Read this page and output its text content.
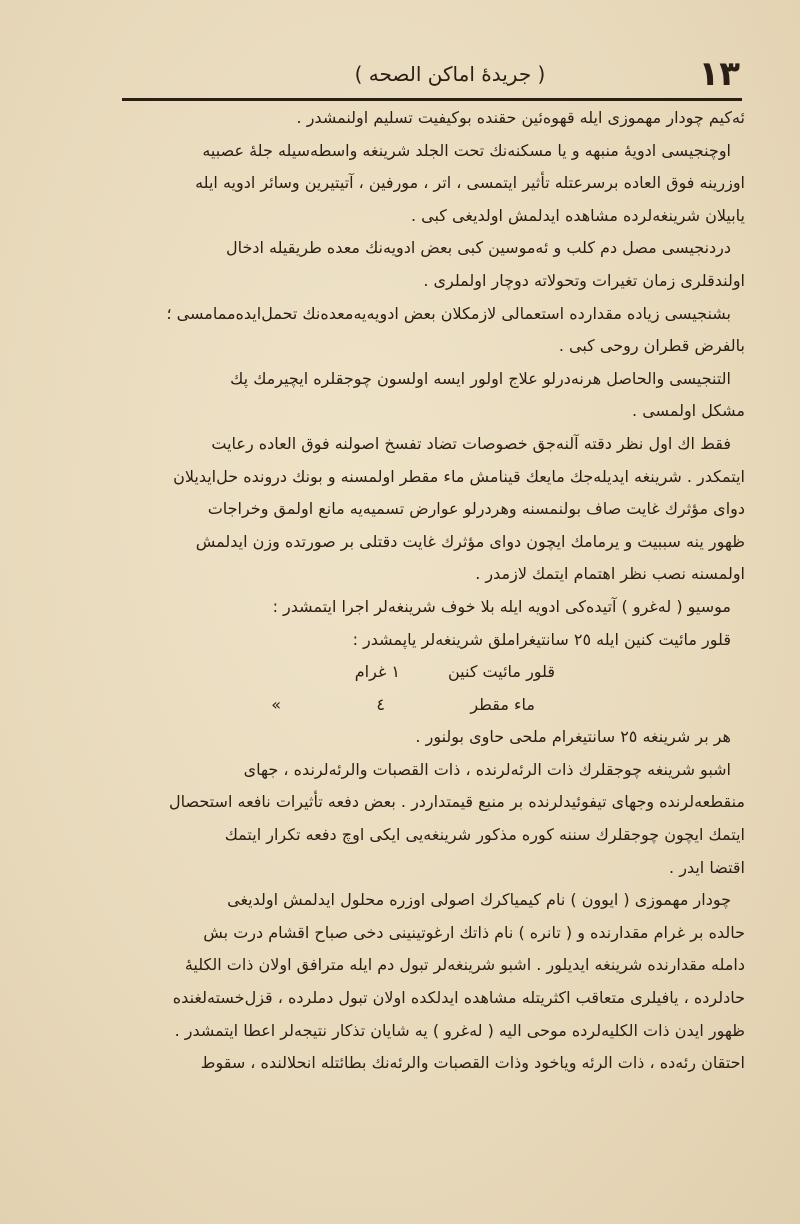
١٣
( جريدهٔ اماكن الصحه )
ئه‌كيم چودار مهموزى ايله قهوه‌ئين حقنده بوكيفيت تسليم اولنمشدر .
اوچنجيسى ادويهٔ منبهه و يا مسكنه‌نك تحت الجلد شرينغه واسطه‌سيله جلهٔ عصبيه
اوزرينه فوق العاده برسرعتله تأثير ايتمسى ، اتر ، مورفين ، آتيتيرين وسائر ادويه ايله
يابيلان شرينغه‌لرده مشاهده ايدلمش اولديغى كبى .
دردنجيسى مصل دم كلب و ئه‌موسين كبى بعض ادويه‌نك معده طريقيله ادخال
اولندقلرى زمان تغيرات وتحولاته دوچار اولملرى .
بشنجيسى زياده مقدارده استعمالى لازمكلان بعض ادويه‌يه‌معده‌نك تحمل‌ايده‌ممامسى ؛
بالفرض قطران روحى كبى .
التنجيسى والحاصل هرنه‌درلو علاج اولور ايسه اولسون چوجقلره ايچيرمك پك
مشكل اولمسى .
فقط اك اول نظر دقته آلنه‌جق خصوصات تضاد تفسخ اصولنه فوق العاده رعايت
ايتمكدر . شرينغه ايديله‌جك مايعك قينامش ماء مقطر اولمسنه و بونك درونده حل‌ايديلان
دواى مؤثرك غايت صاف بولنمسنه وهردرلو عوارض تسميه‌يه مانع اولمق وخراجات
ظهور ينه سببيت و يرمامك ايچون دواى مؤثرك غايت دقتلى بر صورتده وزن ايدلمش
اولمسنه نصب نظر اهتمام ايتمك لازمدر .
موسيو ( له‌غرو ) آتيده‌كى ادويه ايله بلا خوف شرينغه‌لر اجرا ايتمشدر :
قلور مائيت كنين ايله ٢٥ سانتيغراملق شرينغه‌لر ياپمشدر :
قلور مائيت كنين
١ غرام
ماء مقطر
٤
»
هر بر شرينغه ٢٥ سانتيغرام ملحى حاوى بولنور .
اشبو شرينغه چوجقلرك ذات الرئه‌لرنده ، ذات القصبات والرئه‌لرنده ، جهاى
منقطعه‌لرنده وجهاى تيفوئيدلرنده بر منبع قيمتداردر . بعض دفعه تأثيرات نافعه استحصال
ايتمك ايچون چوجقلرك سننه كوره مذكور شرينغه‌يى ايكى اوچ دفعه تكرار ايتمك
اقتضا ايدر .
چودار مهموزى ( ايوون ) نام كيمياكرك اصولى اوزره محلول ايدلمش اولديغى
حالده بر غرام مقدارنده و ( تانره ) نام ذاتك ارغوتينينى دخى صباح اقشام درت بش
دامله مقدارنده شرينغه ايديلور . اشبو شرينغه‌لر تبول دم ايله مترافق اولان ذات الكليهٔ
حادلرده ، يافيلرى متعاقب اكثريتله مشاهده ايدلكده اولان تبول دملرده ، قزل‌خسته‌لغنده
ظهور ايدن ذات الكليه‌لرده موحى اليه ( له‌غرو ) يه شايان تذكار نتيجه‌لر اعطا ايتمشدر .
احتقان رئه‌ده ، ذات الرئه وياخود وذات القصبات والرئه‌نك بطائتله انحلالنده ، سقوط
